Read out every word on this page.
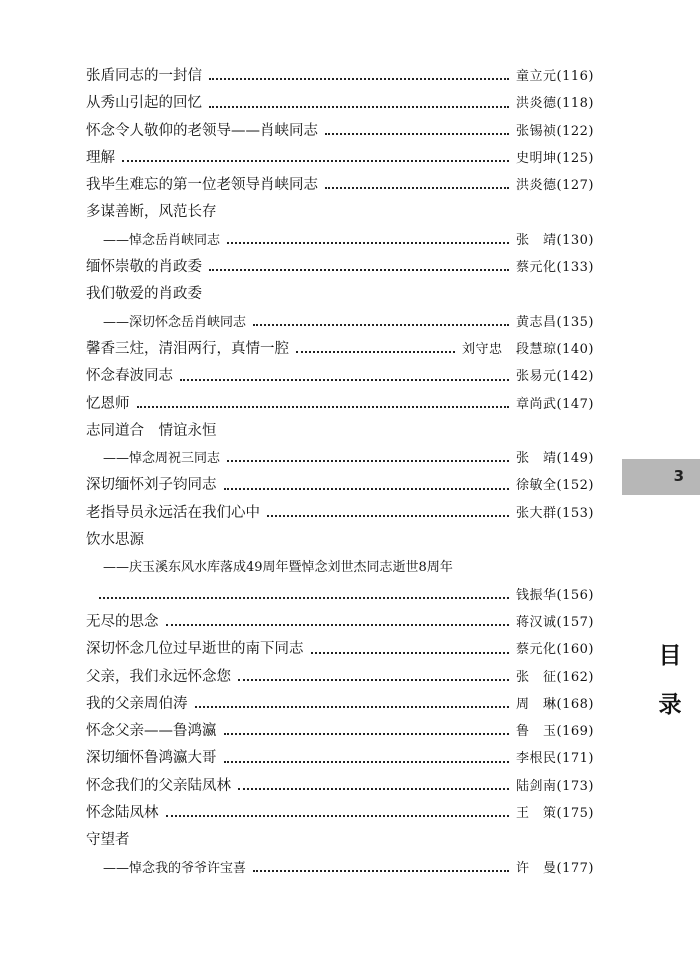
张盾同志的一封信	童立元(116)
从秀山引起的回忆	洪炎德(118)
怀念令人敬仰的老领导——肖峡同志	张锡祯(122)
理解	史明坤(125)
我毕生难忘的第一位老领导肖峡同志	洪炎德(127)
多谋善断，风范长存
——悼念岳肖峡同志	张　靖(130)
缅怀崇敬的肖政委	蔡元化(133)
我们敬爱的肖政委
——深切怀念岳肖峡同志	黄志昌(135)
馨香三炷，清泪两行，真情一腔	刘守忠　段慧琼(140)
怀念春波同志	张易元(142)
忆恩师	章尚武(147)
志同道合　情谊永恒
——悼念周祝三同志	张　靖(149)
深切缅怀刘子钧同志	徐敏全(152)
老指导员永远活在我们心中	张大群(153)
饮水思源
——庆玉溪东风水库落成49周年暨悼念刘世杰同志逝世8周年
钱振华(156)
无尽的思念	蒋汉诚(157)
深切怀念几位过早逝世的南下同志	蔡元化(160)
父亲，我们永远怀念您	张　征(162)
我的父亲周伯涛	周　琳(168)
怀念父亲——鲁鸿瀛	鲁　玉(169)
深切缅怀鲁鸿瀛大哥	李根民(171)
怀念我们的父亲陆凤林	陆剑南(173)
怀念陆凤林	王　策(175)
守望者
——悼念我的爷爷许宝喜	许　曼(177)
3
目
录
